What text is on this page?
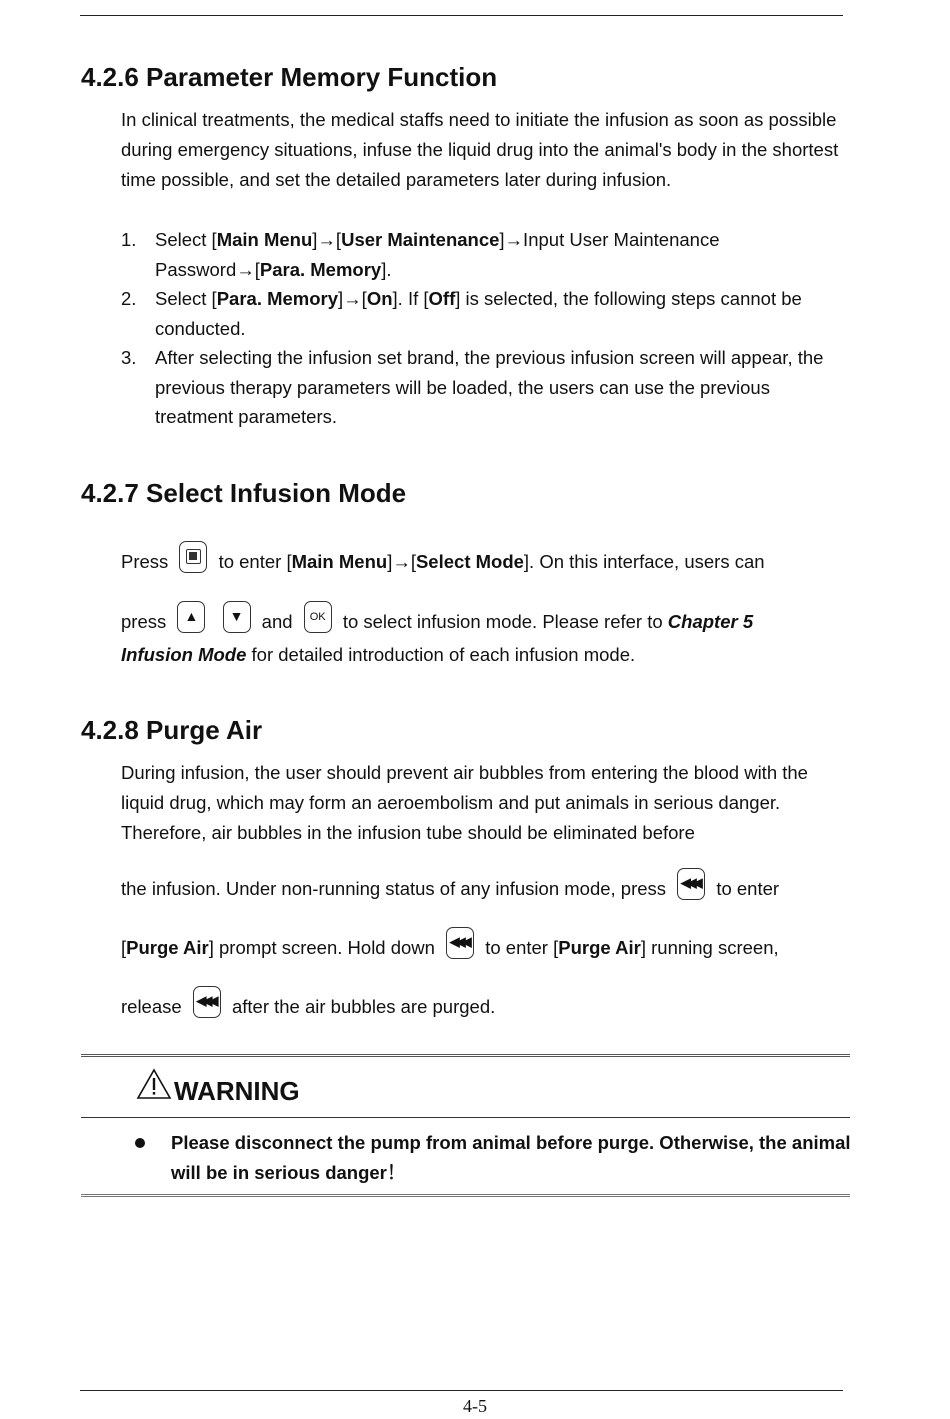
4.2.6 Parameter Memory Function

In clinical treatments, the medical staffs need to initiate the infusion as soon as possible during emergency situations, infuse the liquid drug into the animal's body in the shortest time possible, and set the detailed parameters later during infusion.

1. Select [Main Menu]→[User Maintenance]→Input User Maintenance Password→[Para. Memory].
2. Select [Para. Memory]→[On]. If [Off] is selected, the following steps cannot be conducted.
3. After selecting the infusion set brand, the previous infusion screen will appear, the previous therapy parameters will be loaded, the users can use the previous treatment parameters.
4.2.7 Select Infusion Mode
Press	to enter [Main Menu]→[Select Mode]. On this interface, users can
press	▲
	▼ and	OK to select infusion mode. Please refer to Chapter 5
Infusion Mode for detailed introduction of each infusion mode.
4.2.8 Purge Air

During infusion, the user should prevent air bubbles from entering the blood with the liquid drug, which may form an aeroembolism and put animals in serious danger. Therefore, air bubbles in the infusion tube should be eliminated before

the infusion. Under non-running status of any infusion mode, press	◀◀◀ to enter
[Purge Air] prompt screen. Hold down	◀◀◀ to enter [Purge Air] running screen,
release	◀◀◀ after the air bubbles are purged.
WARNING

Please disconnect the pump from animal before purge. Otherwise, the animal will be in serious danger！

4-5
